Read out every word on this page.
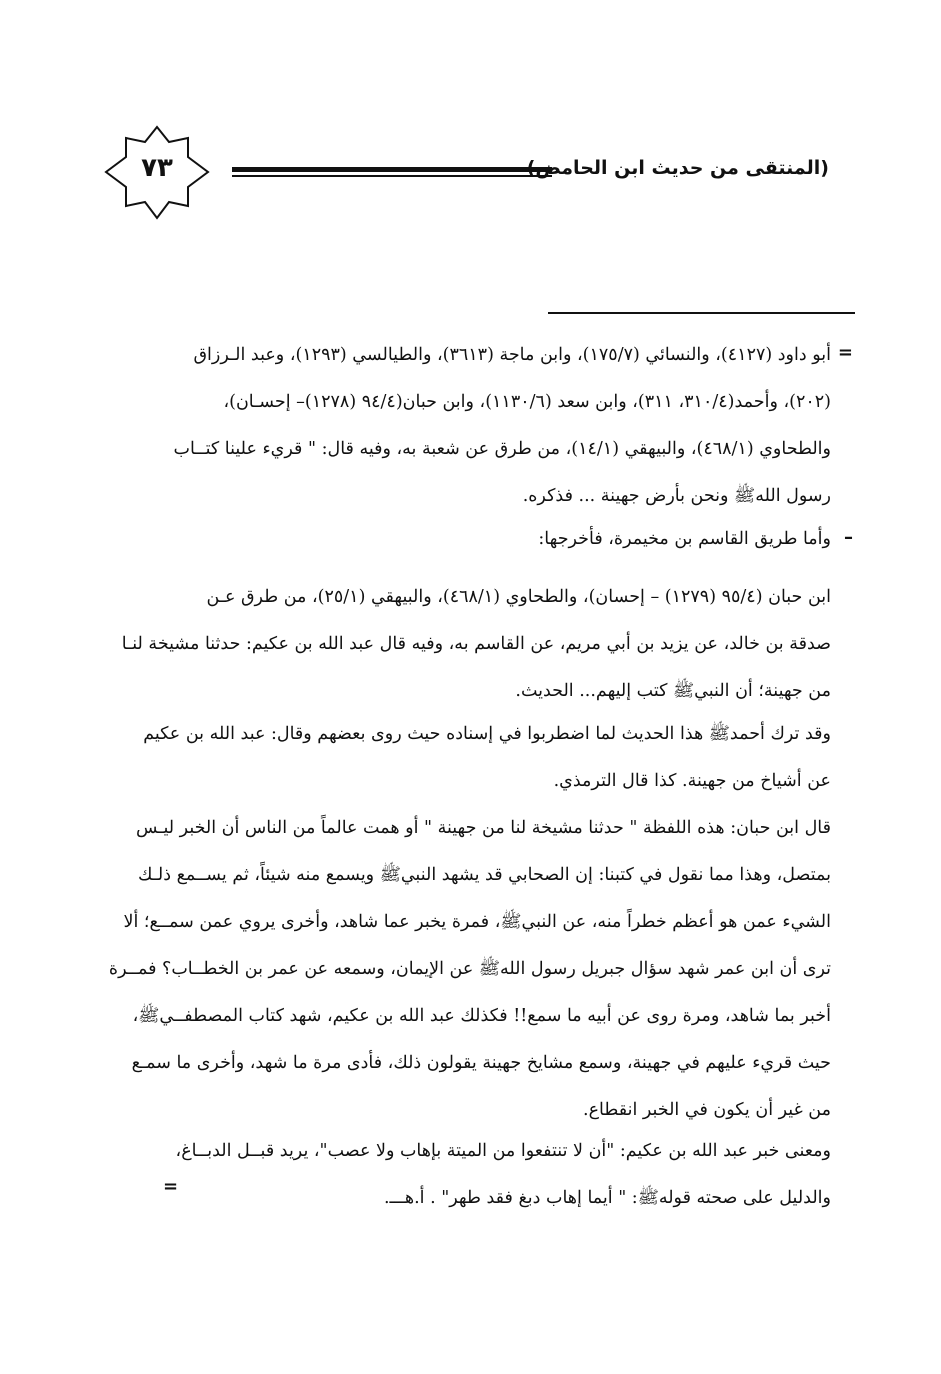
٧٣	(المنتقى من حديث ابن الحامض)
=
أبو داود (٤١٢٧)، والنسائي (١٧٥/٧)، وابن ماجة (٣٦١٣)، والطيالسي (١٢٩٣)، وعبد الـرزاق
(٢٠٢)، وأحمد(٣١٠/٤، ٣١١)، وابن سعد (١١٣٠/٦)، وابن حبان(٩٤/٤ (١٢٧٨)– إحسـان)،
والطحاوي (٤٦٨/١)، والبيهقي (١٤/١)، من طرق عن شعبة به، وفيه قال: " قريء علينا كتــاب
رسول اللهﷺ ونحن بأرض جهينة ... فذكره.
–
وأما طريق القاسم بن مخيمرة، فأخرجها:
ابن حبان (٩٥/٤ (١٢٧٩) – إحسان)، والطحاوي (٤٦٨/١)، والبيهقي (٢٥/١)، من طرق عـن
صدقة بن خالد، عن يزيد بن أبي مريم، عن القاسم به، وفيه قال عبد الله بن عكيم: حدثنا مشيخة لنـا
من جهينة؛ أن النبيﷺ كتب إليهم... الحديث.
وقد ترك أحمدﷺ هذا الحديث لما اضطربوا في إسناده حيث روى بعضهم وقال: عبد الله بن عكيم
عن أشياخ من جهينة. كذا قال الترمذي.
قال ابن حبان: هذه اللفظة " حدثنا مشيخة لنا من جهينة " أو همت عالماً من الناس أن الخبر ليـس
بمتصل، وهذا مما نقول في كتبنا: إن الصحابي قد يشهد النبيﷺ ويسمع منه شيئاً، ثم يســمع ذلـك
الشيء عمن هو أعظم خطراً منه، عن النبيﷺ، فمرة يخبر عما شاهد، وأخرى يروي عمن سمــع؛ ألا
ترى أن ابن عمر شهد سؤال جبريل رسول اللهﷺ عن الإيمان، وسمعه عن عمر بن الخطــاب؟ فمــرة
أخبر بما شاهد، ومرة روى عن أبيه ما سمع!! فكذلك عبد الله بن عكيم، شهد كتاب المصطفــيﷺ،
حيث قريء عليهم في جهينة، وسمع مشايخ جهينة يقولون ذلك، فأدى مرة ما شهد، وأخرى ما سمـع
من غير أن يكون في الخبر انقطاع.
ومعنى خبر عبد الله بن عكيم: "أن لا تنتفعوا من الميتة بإهاب ولا عصب"، يريد قبــل الدبــاغ،
والدليل على صحته قولهﷺ: " أيما إهاب دبغ فقد طهر" . أ.هـــ.
=
